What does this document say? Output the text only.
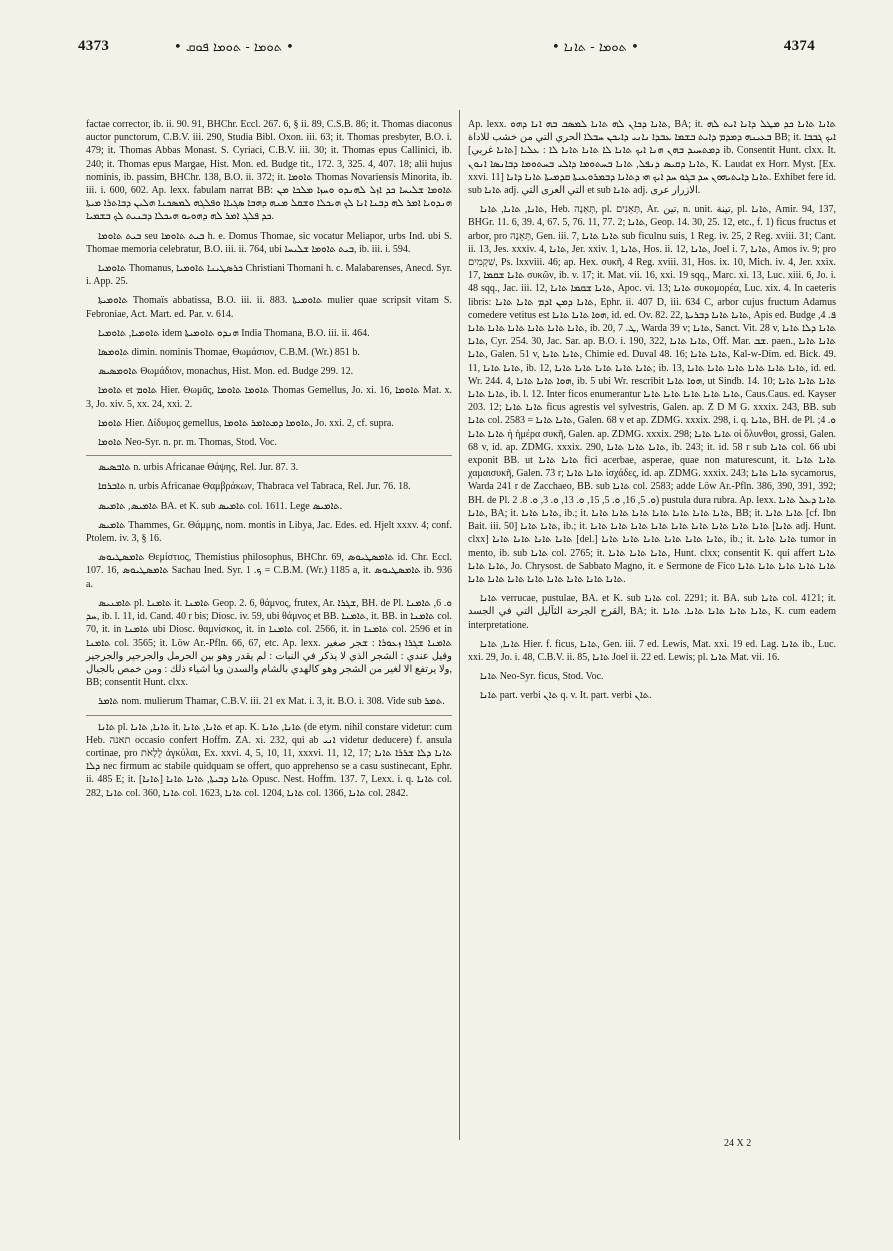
4373	• ܬܘܡܐ - ܬܘܡܐ ܦܘܩ •	• ܬܘܡܐ - ܬܐܢܐ •	4374

factae corrector, ib. ii. 90. 91, BHChr. Eccl. 267. 6, § ii. 89, C.S.B. 86; it. Thomas diaconus auctor punctorum, C.B.V. iii. 290, Studia Bibl. Oxon. iii. 63; it. Thomas presbyter, B.O. i. 479; it. Thomas Abbas Monast. S. Cyriaci, C.B.V. iii. 30; it. Thomas epus Callinici, ib. 240; it. Thomas epus Margae, Hist. Mon. ed. Budge tit., 172. 3, 325. 4, 407. 18; alii hujus nominis, ib. passim, BHChr. 138, B.O. ii. 372; it. ܬܐܘܡܐ Thomas Novariensis Minorita, ib. iii. i. 600, 602. Ap. lexx. fabulam narrat BB: ܬܐܘܡܐ ܫܠܝܚܐ ܟܕ ܐܙܠ ܠܗܢܕܘ ܘܚܙܐ ܡܠܟܐ ܡܢ ܗܢܕܘܝܐ ܐܡܪ ܠܗ ܕܒܢܐ ܐܢܐ ܠܟ ܗܝܟܠܐ ܘܫܩܠ ܡܢܗ ܕܗܒܐ ܣܓܝܐܐ ܘܦܠܓܗ ܠܡܣܟܢܐ ܗܠܝܢ ܕܒܐܬܪܐ ܡܝܬܐ ܟܕ ܦܠܓ ܐܡܪ ܠܗ ܕܗܘܝܘ ܗܝܟܠܐ ܕܒܢܝܬ ܠܟ ܒܫܡܝܐ.

ܒܝܬ ܬܐܘܡܐ seu ܒܝܬ ܬܐܘܡܐ h. e. Domus Thomae, sic vocatur Meliapor, urbs Ind. ubi S. Thomae memoria celebratur, B.O. iii. ii. 764, ubi ܒܝܬ ܬܐܘܡܐ ܫܠܝܚܐ, ib. iii. i. 594.

ܬܐܘܡܝܐ Thomanus, ܟܪܣܛܝܢܐ ܬܐܘܡܝܐ Christiani Thomani h. c. Malabarenses, Anecd. Syr. i. App. 25.

ܬܐܘܡܝܬܐ Thomaïs abbatissa, B.O. iii. ii. 883. ܬܐܘܡܝܬܐ mulier quae scripsit vitam S. Febroniae, Act. Mart. ed. Par. v. 614.

ܬܐܘܡܝܐ, ܬܐܘܡܝܐ idem ܗܢܕܘ ܬܐܘܡܝܬܐ India Thomana, B.O. iii. ii. 464.

ܬܐܘܡܣܐ dimin. nominis Thomae, Θωμάσιον, C.B.M. (Wr.) 851 b.

ܬܐܘܡܣܝܣ Θωμάδιον, monachus, Hist. Mon. ed. Budge 299. 12.

ܬܐܘܡܐ et ܬܐܘܡ Hier. Θωμᾶς, ܬܐܘܡܐ ܬܐܘܡܐ Thomas Gemellus, Jo. xi. 16, ܬܐܘܡܐ Mat. x. 3, Jo. xiv. 5, xx. 24, xxi. 2.

ܬܐܘܡܐ Hier. Δίδυμος gemellus, ܬܐܘܡܐ ܕܡܬܐܡܪ ܬܐܘܡܐ, Jo. xxi. 2, cf. supra.

ܬܐܘܡܐ Neo-Syr. n. pr. m. Thomas, Stod. Voc.

ܬܐܒܣܝܣ n. urbis Africanae Θάψης, Rel. Jur. 87. 3.

ܬܐܒܪܩܐ n. urbis Africanae Θαμβράκων, Thabraca vel Tabraca, Rel. Jur. 76. 18.

ܬܐܡܝܣ, ܬܐܡܝܣ BA. et K. sub ܬܐܡܝܣ col. 1611. Lege ܬܐܡܝܣ.

ܬܐܡܝܣ Thammes, Gr. Θάμμης, nom. montis in Libya, Jac. Edes. ed. Hjelt xxxv. 4; conf. Ptolem. iv. 3, § 16.

ܬܐܡܣܛܝܘܣ Θεμίστιος, Themistius philosophus, BHChr. 69, ܬܐܡܣܛܝܘܣ id. Chr. Eccl. 107. 16, ܬܐܡܣܛܝܘܣ Sachau Ined. Syr. ܟ. 1 = C.B.M. (Wr.) 1185 a, it. ܬܐܡܣܛܝܘܣ ib. 936 a.

ܬܐܡܢܝܣ pl. ܬܐܡܢܐ it. ܬܐܡܢܐ Geop. 2. 6, θάμνος, frutex, Ar. ܫܓܪܐ, BH. de Pl. ܘ. 6, ܬܐܡܢܐ ܚܕ, ib. l. 11, id. Cand. 40 r bis; Diosc. iv. 59, ubi θάμνος et BB. ܬܐܡܢܐ, it. BB. in ܬܐܡܢܐ col. 70, it. in ܬܐܡܢܐ ubi Diosc. θαμνίσκος, it. in ܬܐܡܢܐ col. 2566, it. in ܬܐܡܢܐ col. 2596 et in ܬܐܡܢܐ col. 3565; it. Löw Ar.-Pfln. 66, 67, etc. Ap. lexx. ܬܐܡܢܐ ܫܓܪܐ ܙܥܘܪܐ : ܫجر صغير وقيل عندي : الشجر الذي لا يذكر في النبات : لم يقدر وهو بين الحرمل والجرجير والجرجير ولا يرتفع الا لغير من الشجر وهو كالهدي بالشام والسدن ويا اشياء ذلك : ومن خمص بالجبال, BB; consentit Hunt. clxx.

ܬܐܡܪ nom. mulierum Thamar, C.B.V. iii. 21 ex Mat. i. 3, it. B.O. i. 308. Vide sub ܬܡܪ.

ܬܐܢܐ pl. ܬܐܢܐ, ܬܐܢܐ it. ܬܐܢܐ, ܬܐܢܐ et ap. K. ܬܐܢܐ, ܬܐܢܐ (de etym. nihil constare videtur: cum Heb. תאנה occasio confert Hoffm. ZA. xi. 232, qui ab ܐܢܝ videtur deducere) f. ansula cortinae, pro לֻלָאֹת ἀγκύλαι, Ex. xxvi. 4, 5, 10, 11, xxxvi. 11, 12, 17; ܬܐܢܐ ܕܠܐ ܫܪܪܐ ܬܐܢܐ ܕܠܐ nec firmum ac stabile quidquam se offert, quo apprehenso se a casu sustinecant, Ephr. ii. 485 E; it. [ܬܐܢܐ] ܬܐܢܐ ܕܒܝܬܐ, ܬܐܢܐ ܬܐܢܐ Opusc. Nest. Hoffm. 137. 7, Lexx. i. q. ܬܐܢܐ col. 282, ܬܐܢܐ col. 360, ܬܐܢܐ col. 1623, ܬܐܢܐ col. 1204, ܬܐܢܐ col. 1366, ܬܐܢܐ col. 2842.

Ap. lexx. ܬܐܢܐ ܕܟܐܢ ܠܗ ܬܐܢܐ ܠܡܣܒ ܒܗ ܐܢܐ ܕܗܘ, BA; it. ܬܐܢܐ ܬܐܢܐ ܟܕ ܡܛܠ ܕܐܢܐ ܐܝܬ ܠܗ ܒܥܝܢܗ ܕܡܕܡ ܕܐܝܬ ܒܫܡܐ ܥܒܕܐ ܢܐܢܝ ܕܐܝܟܢ ܚܒܠܐ الحري التي من خشب للاداة BB; it. ܐܝܟ ܓܒܒܐ ܕܡܬܚܝܕ ܒܗܢ ܗܢܐ ܐܝܟ ܬܐܢܐ ܠܐ ܬܐܢܐ ܬܐܢܐ ܠܐ : ܥܠܝܐ [ܬܐܢܐ غربي] ib. Consentit Hunt. clxx. It. ܬܐܢܐ ܕܩܝܣ ܕܢܦܠ, ܬܐܢܐ ܒܚܬܘܡܐ ܕܐܠܝ ܒܚܬܘܡܐ ܕܒܐܢܣܐ ܐܢܘܢ, K. Laudat ex Horr. Myst. [Ex. xxvi. 11] ܬܐܢܐ ܕܐܝܬܝܗܘܢ ܚܕ ܒܓܘ ܚܕ ܐܝܟ ܗܝ ܕܬܐܢܐ ܕܒܡܪܘܥܝܬܐ ܩܕܡܝܬܐ ܬܐܢܐ ܕܐܢܐ. Exhibet fere id. sub ܬܐܢܐ adj. التي العرى التي et sub ܬܐܢܐ adj. الازرار عرى.

ܬܐܢܐ, ܬܐܢܐ, ܬܐܢܐ, Heb. תְּאֵנָה, pl. תְּאֵנִים, Ar. تين, n. unit. تينة, pl. ܬܐܢܐ, Amir. 94, 137, BHGr. 11. 6, 39. 4, 67. 5, 76. 11, 77. 2; ܬܐܢܐ, Geop. 14. 30, 25. 12, etc., f. 1) ficus fructus et arbor, pro תְּאֵנָה, Gen. iii. 7, ܬܐܢܐ ܬܐܢܐ sub ficulnu suis, 1 Reg. iv. 25, 2 Reg. xviii. 31; Cant. ii. 13, Jes. xxxiv. 4, ܬܐܢܐ, Jer. xxiv. 1, ܬܐܢܐ, Hos. ii. 12, ܬܐܢܐ, Joel i. 7, ܬܐܢܐ, Amos iv. 9; pro שִׁקְמִים, Ps. lxxviii. 46; ap. Hex. συκῆ, 4 Reg. xviii. 31, Hos. ix. 10, Mich. iv. 4, Jer. xxix. 17, ܬܐܢܐ ܫܩܡܐ συκῶν, ib. v. 17; it. Mat. vii. 16, xxi. 19 sqq., Marc. xi. 13, Luc. xiii. 6, Jo. i. 48 sqq., Jac. iii. 12, ܬܐܢܐ ܫܩܡܐ ܬܐܢܐ, Apoc. vi. 13; ܬܐܢܐ συκομορέα, Luc. xix. 4. In caeteris libris: ܬܐܢܐ ܕܡܢ ܐܕܡ ܬܐܢܐ ܬܐܢܐ, Ephr. ii. 407 D, iii. 634 C, arbor cujus fructum Adamus comedere vetitus est ܗܘܐ ܬܐܢܐ ܬܐܢܐ, id. ed. Ov. 82. 22, ܬܐܢܐ ܬܐܢܐ ܕܒܪܝܬܐ, Apis ed. Budge ܦ. 4, ܬܐܢܐ ܬܐܢܐ ܬܐܢܐ ܬܐܢܐ ܬܐܢܐ ܬܐܢܐ, ib. 20, ܛ. 7, Warda 39 v; ܬܐܢܐ, Sanct. Vit. 28 v, ܬܐܢܐ ܕܠܐ ܬܐܢܐ ܬܐܢܐ, Cyr. 254. 30, Jac. Sar. ap. B.O. i. 190, 322, ܬܐܢܐ ܬܐܢܐ, Off. Mar. ܫܒ. paen., ܬܐܢܐ ܬܐܢܐ ܬܐܢܐ, Galen. 51 v, ܬܐܢܐ ܬܐܢܐ, Chimie ed. Duval 48. 16; ܬܐܢܐ ܬܐܢܐ, Kal-w-Dim. ed. Bick. 49. 11, ܬܐܢܐ ܬܐܢܐ, ib. 12, ܬܐܢܐ ܬܐܢܐ ܬܐܢܐ ܬܐܢܐ ܬܐܢܐ; ib. 13, ܬܐܢܐ ܬܐܢܐ ܬܐܢܐ ܬܐܢܐ ܬܐܢܐ ܬܐܢܐ, id. ed. Wr. 244. 4, ܗܘܐ ܬܐܢܐ ܬܐܢܐ, ib. 5 ubi Wr. rescribit ܗܘܐ ܬܐܢܐ, ut Sindb. 14. 10; ܬܐܢܐ ܬܐܢܐ ܬܐܢܐ ܬܐܢܐ ܬܐܢܐ, ib. l. 12. Inter ficos enumerantur ܬܐܢܐ ܬܐܢܐ ܬܐܢܐ ܬܐܢܐ ܬܐܢܐ, Caus.Caus. ed. Kayser 203. 12; ܬܐܢܐ ܬܐܢܐ ficus agrestis vel sylvestris, Galen. ap. Z D M G. xxxix. 243, BB. sub ܬܐܢܐ col. 2583 = ܬܐܢܐ ܬܐܢܐ, Galen. 68 v et ap. ZDMG. xxxix. 298, i. q. ܬܐܢܐ, BH. de Pl. ܘ. 4; ܬܐܢܐ ܬܐܢܐ ἡ ἡμέρα συκῆ, Galen. ap. ZDMG. xxxix. 298; ܬܐܢܐ ܬܐܢܐ οἱ ὄλυνθοι, grossi, Galen. 68 v, id. ap. ZDMG. xxxix. 290, ܬܐܢܐ ܬܐܢܐ ܬܐܢܐ, ib. 243; it. id. 58 r sub ܬܐܢܐ col. 66 ubi exponit BB. ut ܬܐܢܐ ܬܐܢܐ fici acerbae, asperae, quae non maturescunt, it. ܬܐܢܐ ܬܐܢܐ χαμαισυκῆ, Galen. 73 r; ܬܐܢܐ ܬܐܢܐ ἰσχάδες, id. ap. ZDMG. xxxix. 243; ܬܐܢܐ ܬܐܢܐ sycamorus, Warda 241 r de Zacchaeo, BB. sub ܬܐܢܐ col. 2583; adde Löw Ar.-Pfln. 386, 390, 391, 392; BH. de Pl. ܘ. 5, 16, ܘ. 5, 15, ܘ. 13, ܘ. 3, ܘ. 8. 2) pustula dura rubra. Ap. lexx. ܬܐܢܐ ܕܥܠ ܬܐܢܐ ܬܐܢܐ, BA; it. ܬܐܢܐ ܬܐܢܐ, ib.; it. ܬܐܢܐ ܬܐܢܐ ܬܐܢܐ ܬܐܢܐ ܬܐܢܐ ܬܐܢܐ ܬܐܢܐ, BB; it. ܬܐܢܐ ܬܐܢܐ [cf. Ibn Bait. iii. 50] ܬܐܢܐ ܬܐܢܐ, ib.; it. ܬܐܢܐ ܬܐܢܐ ܬܐܢܐ ܬܐܢܐ ܬܐܢܐ ܬܐܢܐ ܬܐܢܐ ܬܐܢܐ ܬܐܢܐ [ܬܐܢܐ adj. Hunt. clxx] ܬܐܢܐ ܬܐܢܐ ܬܐܢܐ ܬܐܢܐ [del.] ܬܐܢܐ ܬܐܢܐ ܬܐܢܐ ܬܐܢܐ ܬܐܢܐ ܬܐܢܐ, ib.; it. ܬܐܢܐ ܬܐܢܐ tumor in mento, ib. sub ܬܐܢܐ col. 2765; it. ܬܐܢܐ ܬܐܢܐ ܬܐܢܐ, Hunt. clxx; consentit K. qui affert ܬܐܢܐ ܬܐܢܐ ܬܐܢܐ, Jo. Chrysost. de Sabbato Magno, it. e Sermone de Fico ܬܐܢܐ ܬܐܢܐ ܬܐܢܐ ܬܐܢܐ ܬܐܢܐ ܬܐܢܐ ܬܐܢܐ ܬܐܢܐ ܬܐܢܐ ܬܐܢܐ ܬܐܢܐ ܬܐܢܐ ܬܐܢܐ.

ܬܐܢܐ verrucae, pustulae, BA. et K. sub ܬܐܢܐ col. 2291; it. BA. sub ܬܐܢܐ col. 4121; it. القرح الجرحة الثآليل التي في الجسد, BA; it. ܬܐܢܐ ܬܐܢܐ ܬܐܢܐ ܬܐܢܐ. ܬܐܢܐ, K. cum eadem interpretatione.

ܬܐܢܐ, ܬܐܢܐ Hier. f. ficus, ܬܐܢܐ, Gen. iii. 7 ed. Lewis, Mat. xxi. 19 ed. Lag. ܬܐܢܐ ib., Luc. xxi. 29, Jo. i. 48, C.B.V. ii. 85, ܬܐܢܐ Joel ii. 22 ed. Lewis; pl. ܬܐܢܐ Mat. vii. 16.

ܬܐܢܐ Neo-Syr. ficus, Stod. Voc.

ܬܐܢܐ part. verbi ܬܐܢ q. v. It. part. verbi ܬܐܢ.

24 X 2
